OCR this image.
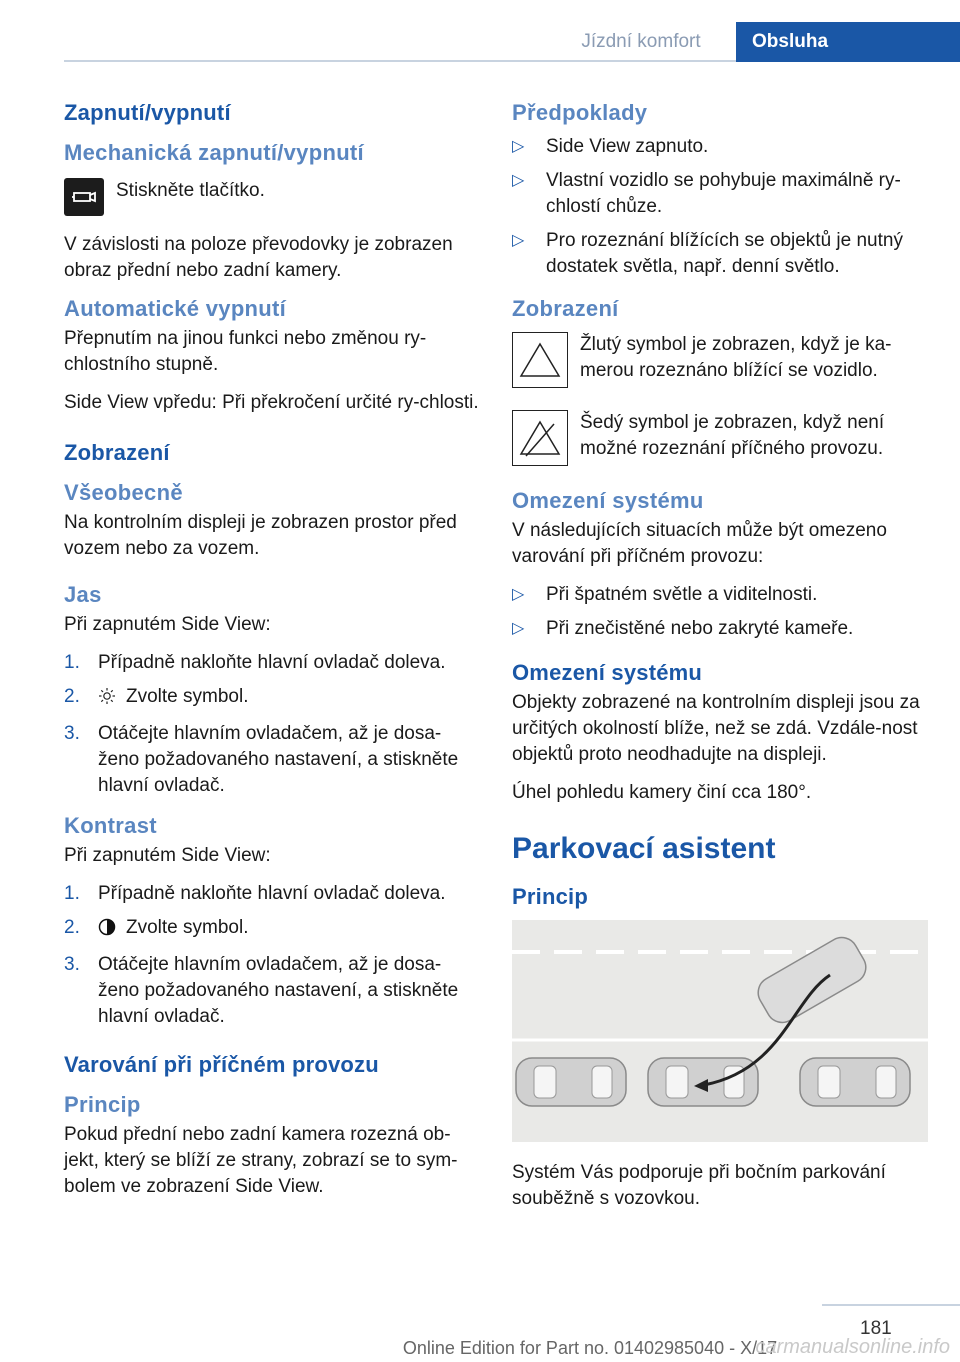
Jízdní komfort	Obsluha
Zapnutí/vypnutí
Mechanická zapnutí/vypnutí
Stiskněte tlačítko.

V závislosti na poloze převodovky je zobrazen obraz přední nebo zadní kamery.

Automatické vypnutí

Přepnutím na jinou funkci nebo změnou ry‐chlostního stupně.

Side View vpředu: Při překročení určité ry‐chlosti.

Zobrazení
Všeobecně

Na kontrolním displeji je zobrazen prostor před vozem nebo za vozem.

Jas

Při zapnutém Side View:

1. Případně nakloňte hlavní ovladač doleva.
2. Zvolte symbol.
3. Otáčejte hlavním ovladačem, až je dosa‐ženo požadovaného nastavení, a stiskněte hlavní ovladač.
Kontrast

Při zapnutém Side View:

1. Případně nakloňte hlavní ovladač doleva.
2. Zvolte symbol.
3. Otáčejte hlavním ovladačem, až je dosa‐ženo požadovaného nastavení, a stiskněte hlavní ovladač.
Varování při příčném provozu
Princip

Pokud přední nebo zadní kamera rozezná ob‐jekt, který se blíží ze strany, zobrazí se to sym‐bolem ve zobrazení Side View.

Předpoklady
▷ Side View zapnuto.
▷ Vlastní vozidlo se pohybuje maximálně ry‐chlostí chůze.
▷ Pro rozeznání blížících se objektů je nutný dostatek světla, např. denní světlo.
Zobrazení
Žlutý symbol je zobrazen, když je ka‐merou rozeznáno blížící se vozidlo.
Šedý symbol je zobrazen, když není možné rozeznání příčného provozu.
Omezení systému

V následujících situacích může být omezeno varování při příčném provozu:

▷ Při špatném světle a viditelnosti.
▷ Při znečistěné nebo zakryté kameře.
Omezení systému

Objekty zobrazené na kontrolním displeji jsou za určitých okolností blíže, než se zdá. Vzdále‐nost objektů proto neodhadujte na displeji.

Úhel pohledu kamery činí cca 180°.

Parkovací asistent
Princip

Systém Vás podporuje při bočním parkování souběžně s vozovkou.

181
Online Edition for Part no. 01402985040 - X/17
carmanualsonline.info
